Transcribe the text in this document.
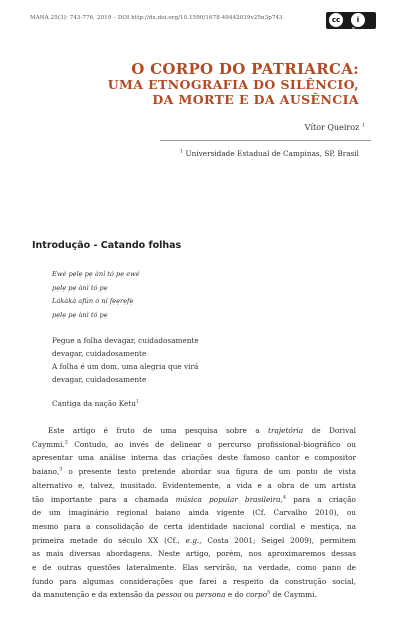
MANA 25(3): 743-776, 2019 – DOI http://dx.doi.org/10.1590/1678-49442019v25n3p743	cc	i
BY
O CORPO DO PATRIARCA:
UMA ETNOGRAFIA DO SILÊNCIO,
DA MORTE E DA AUSÊNCIA
Vítor Queiroz $^1$
$^1$ Universidade Estadual de Campinas, SP, Brasil
Introdução - Catando folhas
Ewé pẹlẹ pẹ ànì tó pẹ ewé
pẹlẹ pẹ ànì tó pẹ
Lákàkà afún ó ní fẹẹrẹfẹ
pẹlẹ pẹ ànì tó pẹ
Pegue a folha devagar, cuidadosamente
devagar, cuidadosamente
A folha é um dom, uma alegria que virá
devagar, cuidadosamente
Cantiga da nação Ketu$^1$
Este artigo é fruto de uma pesquisa sobre a trajetória de Dorival
Caymmi.$^2$ Contudo, ao invés de delinear o percurso profissional-biográfico ou
apresentar uma análise interna das criações deste famoso cantor e compositor
baiano,$^3$ o presente texto pretende abordar sua figura de um ponto de vista
alternativo e, talvez, inusitado. Evidentemente, a vida e a obra de um artista
tão importante para a chamada música popular brasileira,$^4$ para a criação
de um imaginário regional baiano ainda vigente (Cf. Carvalho 2010), ou
mesmo para a consolidação de certa identidade nacional cordial e mestiça, na
primeira metade do século XX (Cf., e.g., Costa 2001; Seigel 2009), permitem
as mais diversas abordagens. Neste artigo, porém, nos aproximaremos dessas
e de outras questões lateralmente. Elas servirão, na verdade, como pano de
fundo para algumas considerações que farei a respeito da construção social,
da manutenção e da extensão da pessoa ou persona e do corpo$^5$ de Caymmi.
